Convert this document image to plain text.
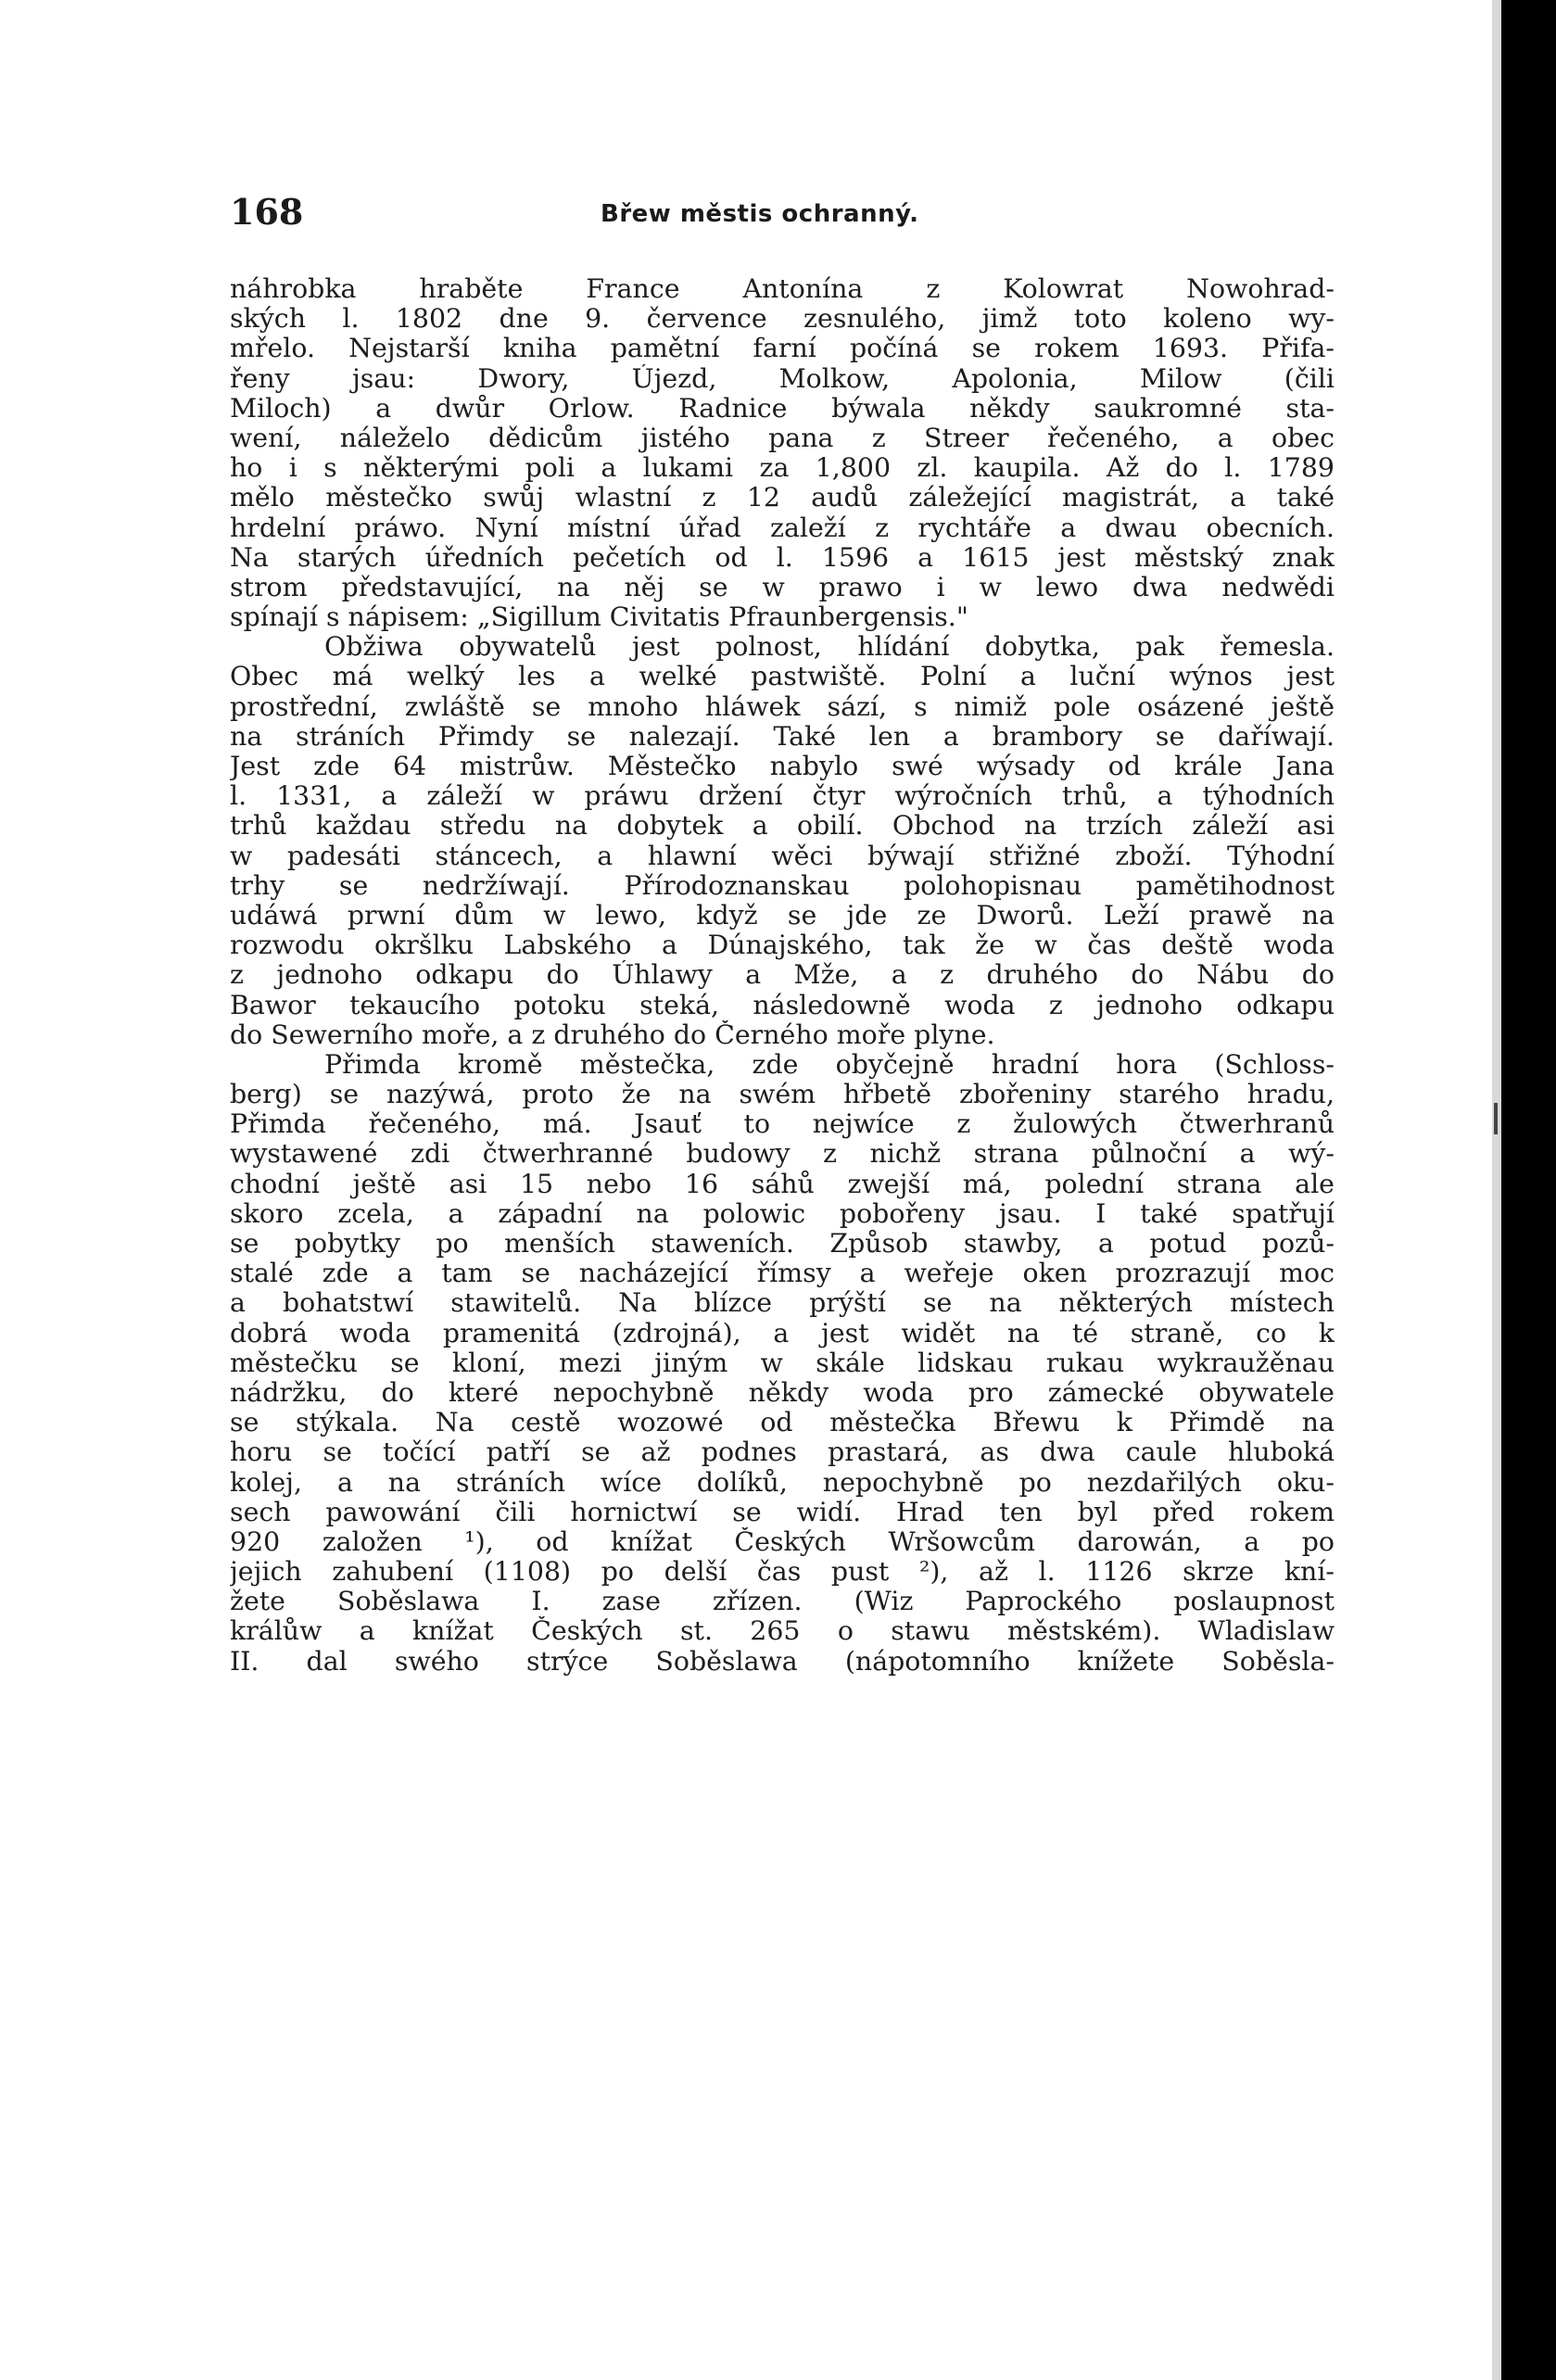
168	Břew městis ochranný.
náhrobka hraběte France Antonína z Kolowrat Nowohrad-
ských l. 1802 dne 9. července zesnulého, jimž toto koleno wy-
mřelo. Nejstarší kniha pamětní farní počíná se rokem 1693. Přifa-
řeny jsau: Dwory, Újezd, Molkow, Apolonia, Milow (čili
Miloch) a dwůr Orlow. Radnice býwala někdy saukromné sta-
wení, náleželo dědicům jistého pana z Streer řečeného, a obec
ho i s některými poli a lukami za 1,800 zl. kaupila. Až do l. 1789
mělo městečko swůj wlastní z 12 audů záležející magistrát, a také
hrdelní práwo. Nyní místní úřad zaleží z rychtáře a dwau obecních.
Na starých úředních pečetích od l. 1596 a 1615 jest městský znak
strom představující, na něj se w prawo i w lewo dwa nedwědi
spínají s nápisem: „Sigillum Civitatis Pfraunbergensis."
Obžiwa obywatelů jest polnost, hlídání dobytka, pak řemesla.
Obec má welký les a welké pastwiště. Polní a luční wýnos jest
prostřední, zwláště se mnoho hláwek sází, s nimiž pole osázené ještě
na stráních Přimdy se nalezají. Také len a brambory se daříwají.
Jest zde 64 mistrůw. Městečko nabylo swé wýsady od krále Jana
l. 1331, a záleží w práwu držení čtyr wýročních trhů, a týhodních
trhů každau středu na dobytek a obilí. Obchod na trzích záleží asi
w padesáti stáncech, a hlawní wěci býwají střižné zboží. Týhodní
trhy se nedržíwají. Přírodoznanskau polohopisnau pamětihodnost
udáwá prwní dům w lewo, když se jde ze Dworů. Leží prawě na
rozwodu okršlku Labského a Dúnajského, tak že w čas deště woda
z jednoho odkapu do Úhlawy a Mže, a z druhého do Nábu do
Bawor tekaucího potoku steká, následowně woda z jednoho odkapu
do Sewerního moře, a z druhého do Černého moře plyne.
Přimda kromě městečka, zde obyčejně hradní hora (Schloss-
berg) se nazýwá, proto že na swém hřbetě zbořeniny starého hradu,
Přimda řečeného, má. Jsauť to nejwíce z žulowých čtwerhranů
wystawené zdi čtwerhranné budowy z nichž strana půlnoční a wý-
chodní ještě asi 15 nebo 16 sáhů zwejší má, polední strana ale
skoro zcela, a západní na polowic pobořeny jsau. I také spatřují
se pobytky po menších staweních. Způsob stawby, a potud pozů-
stalé zde a tam se nacházející římsy a weřeje oken prozrazují moc
a bohatstwí stawitelů. Na blízce prýští se na některých místech
dobrá woda pramenitá (zdrojná), a jest widět na té straně, co k
městečku se kloní, mezi jiným w skále lidskau rukau wykraužěnau
nádržku, do které nepochybně někdy woda pro zámecké obywatele
se stýkala. Na cestě wozowé od městečka Břewu k Přimdě na
horu se točící patří se až podnes prastará, as dwa caule hluboká
kolej, a na stráních wíce dolíků, nepochybně po nezdařilých oku-
sech pawowání čili hornictwí se widí. Hrad ten byl před rokem
920 založen ¹), od knížat Českých Wršowcům darowán, a po
jejich zahubení (1108) po delší čas pust ²), až l. 1126 skrze kní-
žete Soběslawa I. zase zřízen. (Wiz Paprockého poslaupnost
králůw a knížat Českých st. 265 o stawu městském). Wladislaw
II. dal swého strýce Soběslawa (nápotomního knížete Soběsla-
